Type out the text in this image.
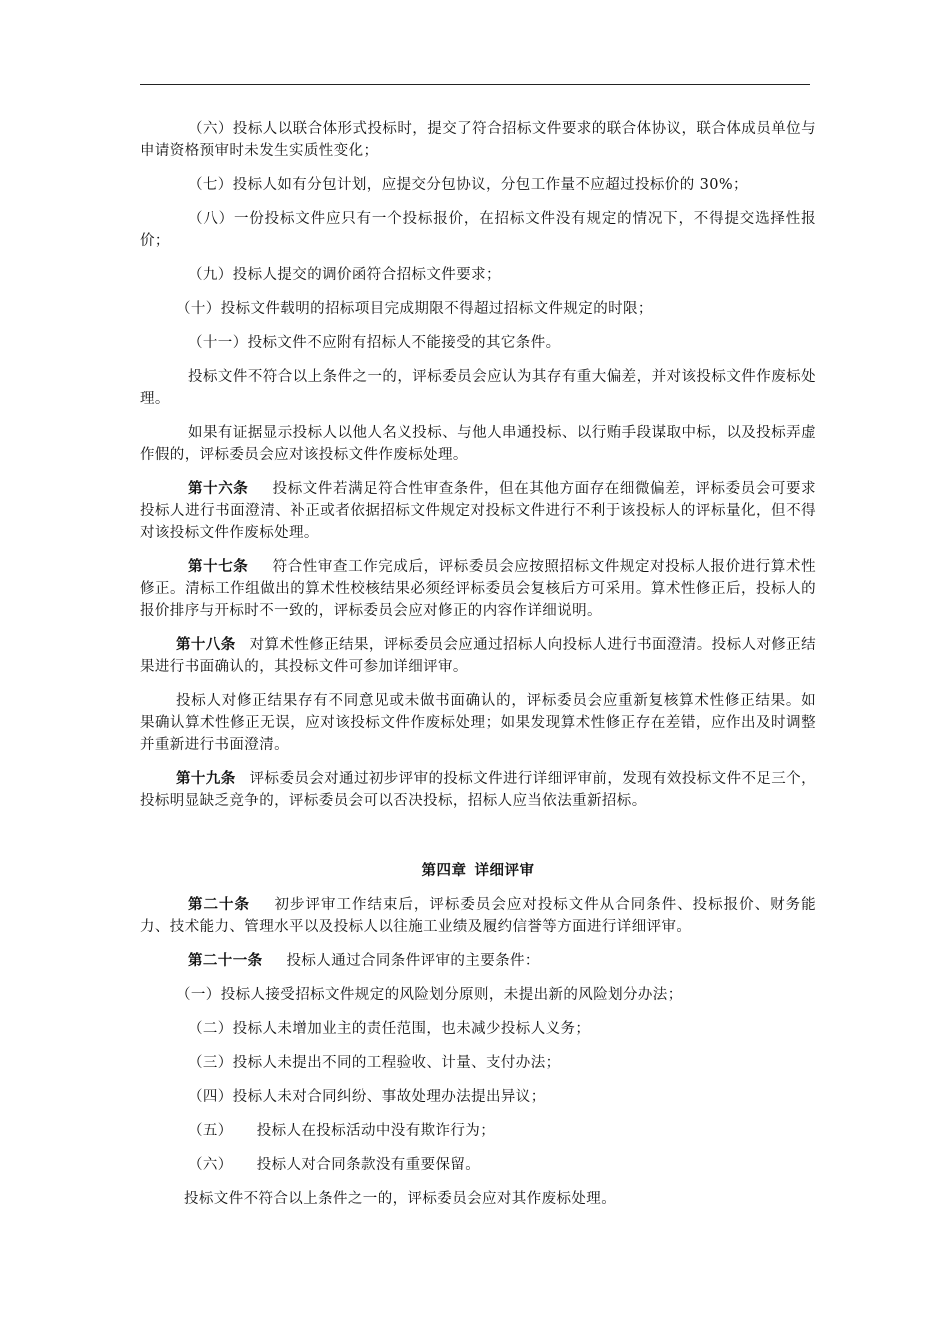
（六）投标人以联合体形式投标时，提交了符合招标文件要求的联合体协议，联合体成员单位与申请资格预审时未发生实质性变化；

（七）投标人如有分包计划，应提交分包协议，分包工作量不应超过投标价的 30%；

（八）一份投标文件应只有一个投标报价，在招标文件没有规定的情况下，不得提交选择性报价；

（九）投标人提交的调价函符合招标文件要求；

（十）投标文件载明的招标项目完成期限不得超过招标文件规定的时限；

（十一）投标文件不应附有招标人不能接受的其它条件。

投标文件不符合以上条件之一的，评标委员会应认为其存有重大偏差，并对该投标文件作废标处理。

如果有证据显示投标人以他人名义投标、与他人串通投标、以行贿手段谋取中标，以及投标弄虚作假的，评标委员会应对该投标文件作废标处理。

第十六条 投标文件若满足符合性审查条件，但在其他方面存在细微偏差，评标委员会可要求投标人进行书面澄清、补正或者依据招标文件规定对投标文件进行不利于该投标人的评标量化，但不得对该投标文件作废标处理。

第十七条 符合性审查工作完成后，评标委员会应按照招标文件规定对投标人报价进行算术性修正。清标工作组做出的算术性校核结果必须经评标委员会复核后方可采用。算术性修正后，投标人的报价排序与开标时不一致的，评标委员会应对修正的内容作详细说明。

第十八条 对算术性修正结果，评标委员会应通过招标人向投标人进行书面澄清。投标人对修正结果进行书面确认的，其投标文件可参加详细评审。

投标人对修正结果存有不同意见或未做书面确认的，评标委员会应重新复核算术性修正结果。如果确认算术性修正无误，应对该投标文件作废标处理；如果发现算术性修正存在差错，应作出及时调整并重新进行书面澄清。

第十九条 评标委员会对通过初步评审的投标文件进行详细评审前，发现有效投标文件不足三个，投标明显缺乏竞争的，评标委员会可以否决投标，招标人应当依法重新招标。

第四章 详细评审

第二十条 初步评审工作结束后，评标委员会应对投标文件从合同条件、投标报价、财务能力、技术能力、管理水平以及投标人以往施工业绩及履约信誉等方面进行详细评审。

第二十一条 投标人通过合同条件评审的主要条件：

（一）投标人接受招标文件规定的风险划分原则，未提出新的风险划分办法；

（二）投标人未增加业主的责任范围，也未减少投标人义务；

（三）投标人未提出不同的工程验收、计量、支付办法；

（四）投标人未对合同纠纷、事故处理办法提出异议；

（五） 投标人在投标活动中没有欺诈行为；

（六） 投标人对合同条款没有重要保留。

投标文件不符合以上条件之一的，评标委员会应对其作废标处理。
